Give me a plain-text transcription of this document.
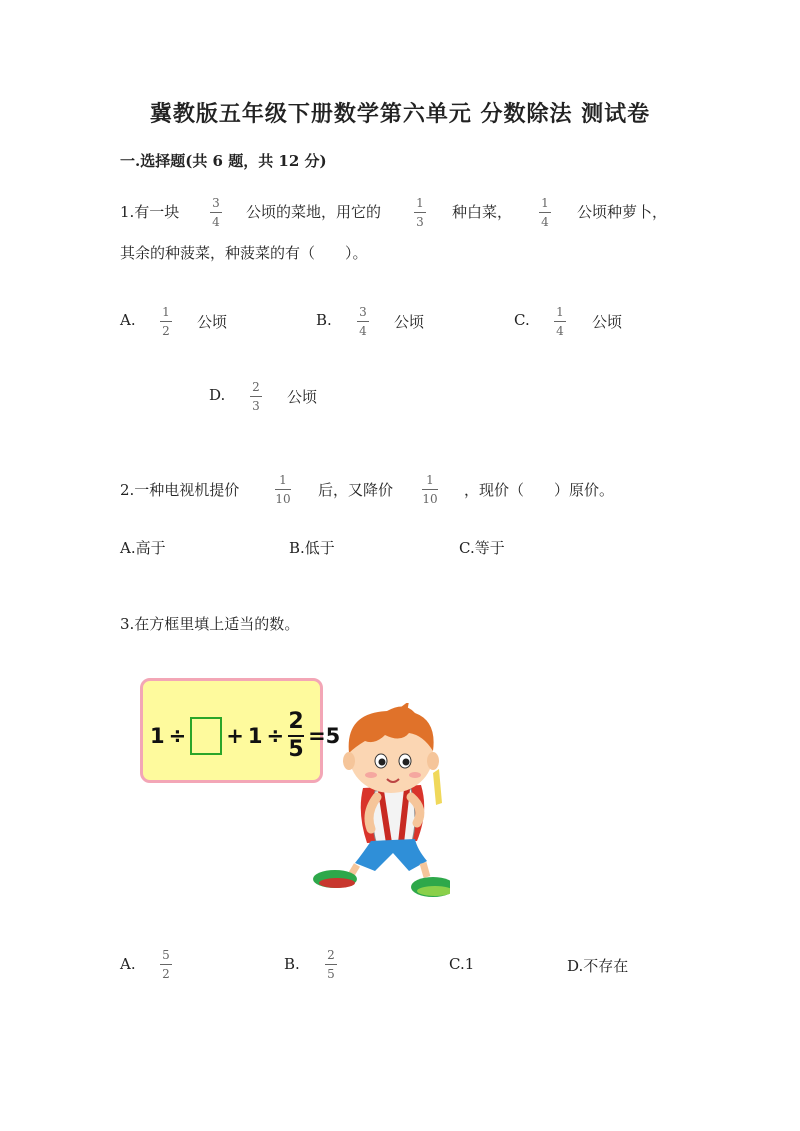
冀教版五年级下册数学第六单元 分数除法 测试卷
一.选择题(共 6 题，共 12 分)
1.有一块	3
4
公顷的菜地，用它的	1
3
种白菜， 1
4
公顷种萝卜，
其余的种菠菜，种菠菜的有（　　）。
A. 1
2 公顷	B. 3
4 公顷	C. 1
4 公顷
D. 2
3 公顷
2.一种电视机提价
1
10 后，又降价
1
10 ，现价（　　）原价。
A.高于	B.低于	C.等于
3.在方框里填上适当的数。
1 ÷ + 1 ÷
2
5
=5
A. 5
2
B. 2
5
C.1	D.不存在
